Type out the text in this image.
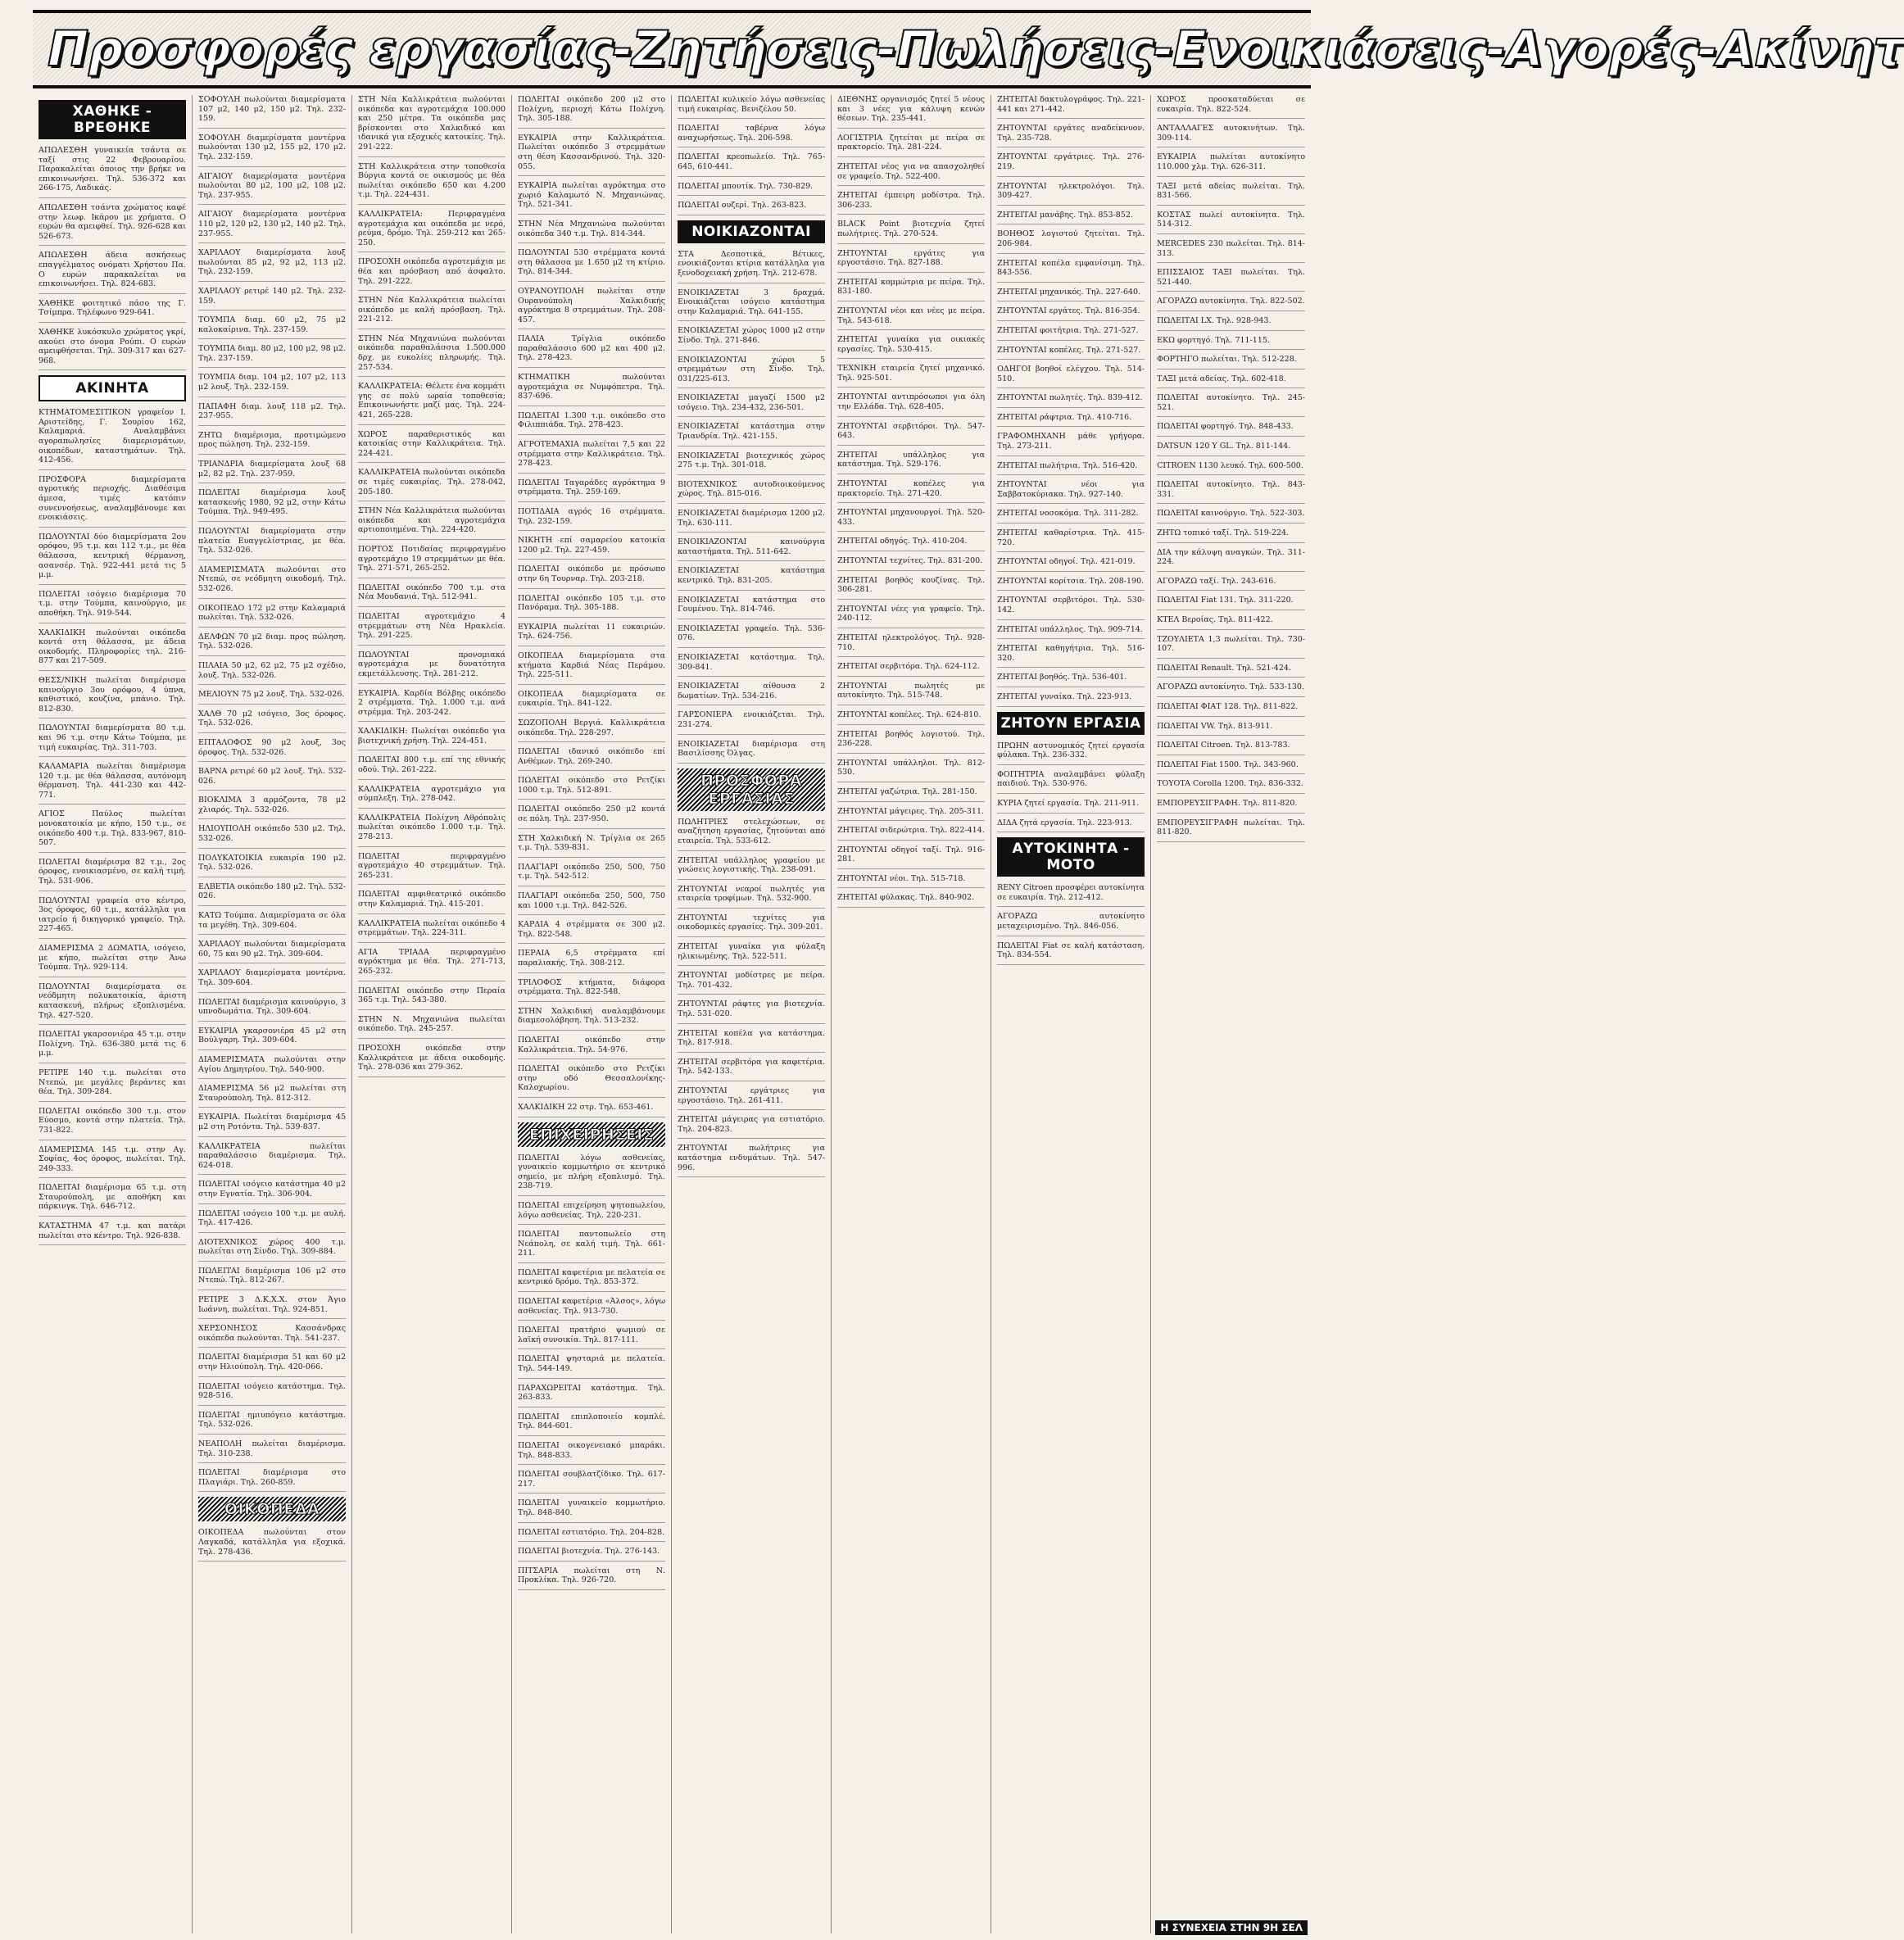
Προσφορές εργασίας-Ζητήσεις-Πωλήσεις-Ενοικιάσεις-Αγορές-Ακίνητ
ΧΑΘΗΚΕ - ΒΡΕΘΗΚΕ
ΑΠΩΛΕΣΘΗ γυναικεία τσάντα σε ταξί στις 22 Φεβρουαρίου. Παρακαλείται όποιος την βρήκε να επικοινωνήσει. Τηλ. 536-372 και 266-175, Λαδικάς.
ΑΠΩΛΕΣΘΗ τσάντα χρώματος καφέ στην λεωφ. Ικάρου με χρήματα. Ο ευρών θα αμειφθεί. Τηλ. 926-628 και 526-673.
ΑΠΩΛΕΣΘΗ άδεια ασκήσεως επαγγέλματος ονόματι Χρήστου Πα. Ο ευρών παρακαλείται να επικοινωνήσει. Τηλ. 824-683.
ΧΑΘΗΚΕ φοιτητικό πάσο της Γ. Τσίμπρα. Τηλέφωνο 929-641.
ΧΑΘΗΚΕ λυκόσκυλο χρώματος γκρί, ακούει στο όνομα Ρούπι. Ο ευρών αμειφθήσεται. Τηλ. 309-317 και 627-968.
ΑΚΙΝΗΤΑ
ΚΤΗΜΑΤΟΜΕΣΙΤΙΚΟΝ γραφείον Ι. Αριστείδης, Γ. Σουρίου 162, Καλαμαριά. Αναλαμβάνει αγοραπωλησίες διαμερισμάτων, οικοπέδων, καταστημάτων. Τηλ. 412-456.
ΠΡΟΣΦΟΡΑ διαμερίσματα αγροτικής περιοχής. Διαθέσιμα άμεσα, τιμές κατόπιν συνεννοήσεως, αναλαμβάνουμε και ενοικιάσεις.
ΠΩΛΟΥΝΤΑΙ δύο διαμερίσματα 2ου ορόφου, 95 τ.μ. και 112 τ.μ., με θέα θάλασσα, κεντρική θέρμανση, ασανσέρ. Τηλ. 922-441 μετά τις 5 μ.μ.
ΠΩΛΕΙΤΑΙ ισόγειο διαμέρισμα 70 τ.μ. στην Τούμπα, καινούργιο, με αποθήκη. Τηλ. 919-544.
ΧΑΛΚΙΔΙΚΗ πωλούνται οικόπεδα κοντά στη θάλασσα, με άδεια οικοδομής. Πληροφορίες τηλ. 216-877 και 217-509.
ΘΕΣΣ/ΝΙΚΗ πωλείται διαμέρισμα καινούργιο 3ου ορόφου, 4 ύπνα, καθιστικό, κουζίνα, μπάνιο. Τηλ. 812-830.
ΠΩΛΟΥΝΤΑΙ διαμερίσματα 80 τ.μ. και 96 τ.μ. στην Κάτω Τούμπα, με τιμή ευκαιρίας. Τηλ. 311-703.
ΚΑΛΑΜΑΡΙΑ πωλείται διαμέρισμα 120 τ.μ. με θέα θάλασσα, αυτόνομη θέρμανση. Τηλ. 441-230 και 442-771.
ΑΓΙΟΣ Παύλος πωλείται μονοκατοικία με κήπο, 150 τ.μ., σε οικόπεδο 400 τ.μ. Τηλ. 833-967, 810-507.
ΠΩΛΕΙΤΑΙ διαμέρισμα 82 τ.μ., 2ος όροφος, ενοικιασμένο, σε καλή τιμή. Τηλ. 531-906.
ΠΩΛΟΥΝΤΑΙ γραφεία στο κέντρο, 3ος όροφος, 60 τ.μ., κατάλληλα για ιατρείο ή δικηγορικό γραφείο. Τηλ. 227-465.
ΔΙΑΜΕΡΙΣΜΑ 2 ΔΩΜΑΤΙΑ, ισόγειο, με κήπο, πωλείται στην Άνω Τούμπα. Τηλ. 929-114.
ΠΩΛΟΥΝΤΑΙ διαμερίσματα σε νεόδμητη πολυκατοικία, άριστη κατασκευή, πλήρως εξοπλισμένα. Τηλ. 427-520.
ΠΩΛΕΙΤΑΙ γκαρσονιέρα 45 τ.μ. στην Πολίχνη. Τηλ. 636-380 μετά τις 6 μ.μ.
ΡΕΤΙΡΕ 140 τ.μ. πωλείται στο Ντεπώ, με μεγάλες βεράντες και θέα. Τηλ. 309-284.
ΠΩΛΕΙΤΑΙ οικόπεδο 300 τ.μ. στον Εύοσμο, κοντά στην πλατεία. Τηλ. 731-822.
ΔΙΑΜΕΡΙΣΜΑ 145 τ.μ. στην Αγ. Σοφίας, 4ος όροφος, πωλείται. Τηλ. 249-333.
ΠΩΛΕΙΤΑΙ διαμέρισμα 65 τ.μ. στη Σταυρούπολη, με αποθήκη και πάρκινγκ. Τηλ. 646-712.
ΚΑΤΑΣΤΗΜΑ 47 τ.μ. και πατάρι πωλείται στο κέντρο. Τηλ. 926-838.
ΣΟΦΟΥΛΗ πωλούνται διαμερίσματα 107 μ2, 140 μ2, 150 μ2. Τηλ. 232-159.
ΣΟΦΟΥΛΗ διαμερίσματα μοντέρνα πωλούνται 130 μ2, 155 μ2, 170 μ2. Τηλ. 232-159.
ΑΙΓΑΙΟΥ διαμερίσματα μοντέρνα πωλούνται 80 μ2, 100 μ2, 108 μ2. Τηλ. 237-955.
ΑΙΓΑΙΟΥ διαμερίσματα μοντέρνα 110 μ2, 120 μ2, 130 μ2, 140 μ2. Τηλ. 237-955.
ΧΑΡΙΛΑΟΥ διαμερίσματα λουξ πωλούνται 85 μ2, 92 μ2, 113 μ2. Τηλ. 232-159.
ΧΑΡΙΛΑΟΥ ρετιρέ 140 μ2. Τηλ. 232-159.
ΤΟΥΜΠΑ διαμ. 60 μ2, 75 μ2 καλοκαίρινα. Τηλ. 237-159.
ΤΟΥΜΠΑ διαμ. 80 μ2, 100 μ2, 98 μ2. Τηλ. 237-159.
ΤΟΥΜΠΑ διαμ. 104 μ2, 107 μ2, 113 μ2 λουξ. Τηλ. 232-159.
ΠΑΠΑΦΗ διαμ. λουξ 118 μ2. Τηλ. 237-955.
ΖΗΤΩ διαμέρισμα, προτιμώμενο προς πώληση. Τηλ. 232-159.
ΤΡΙΑΝΔΡΙΑ διαμερίσματα λουξ 68 μ2, 82 μ2. Τηλ. 237-959.
ΠΩΛΕΙΤΑΙ διαμέρισμα λουξ κατασκευής 1980, 92 μ2, στην Κάτω Τούμπα. Τηλ. 949-495.
ΠΩΛΟΥΝΤΑΙ διαμερίσματα στην πλατεία Ευαγγελίστριας, με θέα. Τηλ. 532-026.
ΔΙΑΜΕΡΙΣΜΑΤΑ πωλούνται στο Ντεπώ, σε νεόδμητη οικοδομή. Τηλ. 532-026.
ΟΙΚΟΠΕΔΟ 172 μ2 στην Καλαμαριά πωλείται. Τηλ. 532-026.
ΔΕΛΦΩΝ 70 μ2 διαμ. προς πώληση. Τηλ. 532-026.
ΠΙΛΑΙΑ 50 μ2, 62 μ2, 75 μ2 σχέδιο, λουξ. Τηλ. 532-026.
ΜΕΛΙΟΥΝ 75 μ2 λουξ. Τηλ. 532-026.
ΧΑΛΘ 70 μ2 ισόγειο, 3ος όροφος. Τηλ. 532-026.
ΕΠΤΑΛΟΦΟΣ 90 μ2 λουξ, 3ος όροφος. Τηλ. 532-026.
ΒΑΡΝΑ ρετιρέ 60 μ2 λουξ. Τηλ. 532-026.
ΒΙΟΚΛΙΜΑ 3 αρμόζοντα, 78 μ2 χλιαρός. Τηλ. 532-026.
ΗΛΙΟΥΠΟΛΗ οικόπεδο 530 μ2. Τηλ. 532-026.
ΠΟΛΥΚΑΤΟΙΚΙΑ ευκαιρία 190 μ2. Τηλ. 532-026.
ΕΛΒΕΤΙΑ οικόπεδο 180 μ2. Τηλ. 532-026.
ΚΑΤΩ Τούμπα. Διαμερίσματα σε όλα τα μεγέθη. Τηλ. 309-604.
ΧΑΡΙΛΑΟΥ πωλούνται διαμερίσματα 60, 75 και 90 μ2. Τηλ. 309-604.
ΧΑΡΙΛΑΟΥ διαμερίσματα μοντέρνα. Τηλ. 309-604.
ΠΩΛΕΙΤΑΙ διαμέρισμα καινούργιο, 3 υπνοδωμάτια. Τηλ. 309-604.
ΕΥΚΑΙΡΙΑ γκαρσονιέρα 45 μ2 στη Βούλγαρη. Τηλ. 309-604.
ΔΙΑΜΕΡΙΣΜΑΤΑ πωλούνται στην Αγίου Δημητρίου. Τηλ. 540-900.
ΔΙΑΜΕΡΙΣΜΑ 56 μ2 πωλείται στη Σταυρούπολη. Τηλ. 812-312.
ΕΥΚΑΙΡΙΑ. Πωλείται διαμέρισμα 45 μ2 στη Ροτόντα. Τηλ. 539-837.
ΚΑΛΛΙΚΡΑΤΕΙΑ πωλείται παραθαλάσσιο διαμέρισμα. Τηλ. 624-018.
ΠΩΛΕΙΤΑΙ ισόγειο κατάστημα 40 μ2 στην Εγνατία. Τηλ. 306-904.
ΠΩΛΕΙΤΑΙ ισόγειο 100 τ.μ. με αυλή. Τηλ. 417-426.
ΔΙΟΤΕΧΝΙΚΟΣ χώρος 400 τ.μ. πωλείται στη Σίνδο. Τηλ. 309-884.
ΠΩΛΕΙΤΑΙ διαμέρισμα 106 μ2 στο Ντεπώ. Τηλ. 812-267.
ΡΕΤΙΡΕ 3 Δ.Κ.Χ.Χ. στον Άγιο Ιωάννη, πωλείται. Τηλ. 924-851.
ΧΕΡΣΟΝΗΣΟΣ Κασσάνδρας οικόπεδα πωλούνται. Τηλ. 541-237.
ΠΩΛΕΙΤΑΙ διαμέρισμα 51 και 60 μ2 στην Ηλιούπολη. Τηλ. 420-066.
ΠΩΛΕΙΤΑΙ ισόγειο κατάστημα. Τηλ. 928-516.
ΠΩΛΕΙΤΑΙ ημιυπόγειο κατάστημα. Τηλ. 532-026.
ΝΕΑΠΟΛΗ πωλείται διαμέρισμα. Τηλ. 310-238.
ΠΩΛΕΙΤΑΙ διαμέρισμα στο Πλαγιάρι. Τηλ. 260-859.
ΟΙΚΟΠΕΔΑ
ΟΙΚΟΠΕΔΑ πωλούνται στον Λαγκαδά, κατάλληλα για εξοχικά. Τηλ. 278-436.
ΣΤΗ Νέα Καλλικράτεια πωλούνται οικόπεδα και αγροτεμάχια 100.000 και 250 μέτρα. Τα οικόπεδα μας βρίσκονται στο Χαλκιδικό και ιδανικά για εξοχικές κατοικίες. Τηλ. 291-222.
ΣΤΗ Καλλικράτεια στην τοποθεσία Βύργια κοντά σε οικισμούς με θέα πωλείται οικόπεδο 650 και 4.200 τ.μ. Τηλ. 224-431.
ΚΑΛΛΙΚΡΑΤΕΙΑ: Περιφραγμένα αγροτεμάχια και οικόπεδα με νερό, ρεύμα, δρόμο. Τηλ. 259-212 και 265-250.
ΠΡΟΣΟΧΗ οικόπεδα αγροτεμάχια με θέα και πρόσβαση από άσφαλτο. Τηλ. 291-222.
ΣΤΗΝ Νέα Καλλικράτεια πωλείται οικόπεδο με καλή πρόσβαση. Τηλ. 221-212.
ΣΤΗΝ Νέα Μηχανιώνα πωλούνται οικόπεδα παραθαλάσσια 1.500.000 δρχ. με ευκολίες πληρωμής. Τηλ. 257-534.
ΚΑΛΛΙΚΡΑΤΕΙΑ: Θέλετε ένα κομμάτι γης σε πολύ ωραία τοποθεσία; Επικοινωνήστε μαζί μας. Τηλ. 224-421, 265-228.
ΧΩΡΟΣ παραθεριστικός και κατοικίας στην Καλλικράτεια. Τηλ. 224-421.
ΚΑΛΛΙΚΡΑΤΕΙΑ πωλούνται οικόπεδα σε τιμές ευκαιρίας. Τηλ. 278-042, 205-180.
ΣΤΗΝ Νέα Καλλικράτεια πωλούνται οικόπεδα και αγροτεμάχια αρτιοποιημένα. Τηλ. 224-420.
ΠΟΡΤΟΣ Ποτιδαίας περιφραγμένο αγροτεμάχιο 19 στρεμμάτων με θέα. Τηλ. 271-571, 265-252.
ΠΩΛΕΙΤΑΙ οικόπεδο 700 τ.μ. στα Νέα Μουδανιά. Τηλ. 512-941.
ΠΩΛΕΙΤΑΙ αγροτεμάχιο 4 στρεμμάτων στη Νέα Ηρακλεία. Τηλ. 291-225.
ΠΩΛΟΥΝΤΑΙ προνομιακά αγροτεμάχια με δυνατότητα εκμετάλλευσης. Τηλ. 281-212.
ΕΥΚΑΙΡΙΑ. Καρδία Βόλβης οικόπεδο 2 στρέμματα. Τηλ. 1.000 τ.μ. ανά στρέμμα. Τηλ. 203-242.
ΧΑΛΚΙΔΙΚΗ: Πωλείται οικόπεδο για βιοτεχνική χρήση. Τηλ. 224-451.
ΠΩΛΕΙΤΑΙ 800 τ.μ. επί της εθνικής οδού. Τηλ. 261-222.
ΚΑΛΛΙΚΡΑΤΕΙΑ αγροτεμάχιο για σύμπλεξη. Τηλ. 278-042.
ΚΑΛΛΙΚΡΑΤΕΙΑ Πολίχνη Αθρόπολις πωλείται οικόπεδο 1.000 τ.μ. Τηλ. 278-213.
ΠΩΛΕΙΤΑΙ περιφραγμένο αγροτεμάχιο 40 στρεμμάτων. Τηλ. 265-231.
ΠΩΛΕΙΤΑΙ αμφιθεατρικό οικόπεδο στην Καλαμαριά. Τηλ. 415-201.
ΚΑΛΛΙΚΡΑΤΕΙΑ πωλείται οικόπεδο 4 στρεμμάτων. Τηλ. 224-311.
ΑΓΙΑ ΤΡΙΑΔΑ περιφραγμένο αγρόκτημα με θέα. Τηλ. 271-713, 265-232.
ΠΩΛΕΙΤΑΙ οικόπεδο στην Περαία 365 τ.μ. Τηλ. 543-380.
ΣΤΗΝ Ν. Μηχανιώνα πωλείται οικόπεδο. Τηλ. 245-257.
ΠΡΟΣΟΧΗ οικόπεδα στην Καλλικράτεια με άδεια οικοδομής. Τηλ. 278-036 και 279-362.
ΠΩΛΕΙΤΑΙ οικόπεδο 200 μ2 στο Πολίχνη, περιοχή Κάτω Πολίχνη. Τηλ. 305-188.
ΕΥΚΑΙΡΙΑ στην Καλλικράτεια. Πωλείται οικόπεδο 3 στρεμμάτων στη θέση Κασσανδρινού. Τηλ. 320-055.
ΕΥΚΑΙΡΙΑ πωλείται αγρόκτημα στο χωριό Καλαμωτό Ν. Μηχανιώνας. Τηλ. 521-341.
ΣΤΗΝ Νέα Μηχανιώνα πωλούνται οικόπεδα 340 τ.μ. Τηλ. 814-344.
ΠΩΛΟΥΝΤΑΙ 530 στρέμματα κοντά στη θάλασσα με 1.650 μ2 τη κτίριο. Τηλ. 814-344.
ΟΥΡΑΝΟΥΠΟΛΗ πωλείται στην Ουρανούπολη Χαλκιδικής αγρόκτημα 8 στρεμμάτων. Τηλ. 208-457.
ΠΑΛΙΑ Τρίγλια οικόπεδο παραθαλάσσιο 600 μ2 και 400 μ2. Τηλ. 278-423.
ΚΤΗΜΑΤΙΚΗ πωλούνται αγροτεμάχια σε Νυμφόπετρα. Τηλ. 837-696.
ΠΩΛΕΙΤΑΙ 1.300 τ.μ. οικόπεδο στο Φιλιππιάδα. Τηλ. 278-423.
ΑΓΡΟΤΕΜΑΧΙΑ πωλείται 7,5 και 22 στρέμματα στην Καλλικράτεια. Τηλ. 278-423.
ΠΩΛΕΙΤΑΙ Ταγαράδες αγρόκτημα 9 στρέμματα. Τηλ. 259-169.
ΠΟΤΙΔΑΙΑ αγρός 16 στρέμματα. Τηλ. 232-159.
ΝΙΚΗΤΗ επί σαμαρείου κατοικία 1200 μ2. Τηλ. 227-459.
ΠΩΛΕΙΤΑΙ οικόπεδο με πρόσωπο στην 6η Τουρναρ. Τηλ. 203-218.
ΠΩΛΕΙΤΑΙ οικόπεδο 105 τ.μ. στο Πανόραμα. Τηλ. 305-188.
ΕΥΚΑΙΡΙΑ πωλείται 11 ευκαιριών. Τηλ. 624-756.
ΟΙΚΟΠΕΔΑ διαμερίσματα στα κτήματα Καρδιά Νέας Περάμου. Τηλ. 225-511.
ΟΙΚΟΠΕΔΑ διαμερίσματα σε ευκαιρία. Τηλ. 841-122.
ΣΩΖΟΠΟΛΗ Βεργιά. Καλλικράτεια οικόπεδα. Τηλ. 228-297.
ΠΩΛΕΙΤΑΙ ιδανικό οικόπεδο επί Ανθέμων. Τηλ. 269-240.
ΠΩΛΕΙΤΑΙ οικόπεδο στο Ρετζίκι 1000 τ.μ. Τηλ. 512-891.
ΠΩΛΕΙΤΑΙ οικόπεδο 250 μ2 κοντά σε πόλη. Τηλ. 237-950.
ΣΤΗ Χαλκιδική Ν. Τρίγλια σε 265 τ.μ. Τηλ. 539-831.
ΠΛΑΓΙΑΡΙ οικόπεδο 250, 500, 750 τ.μ. Τηλ. 542-512.
ΠΛΑΓΙΑΡΙ οικόπεδα 250, 500, 750 και 1000 τ.μ. Τηλ. 842-526.
ΚΑΡΔΙΑ 4 στρέμματα σε 300 μ2. Τηλ. 822-548.
ΠΕΡΑΙΑ 6,5 στρέμματα επί παραλιακής. Τηλ. 308-212.
ΤΡΙΛΟΦΟΣ κτήματα, διάφορα στρέμματα. Τηλ. 822-548.
ΣΤΗΝ Χαλκιδική αναλαμβάνουμε διαμεσολάβηση. Τηλ. 513-232.
ΠΩΛΕΙΤΑΙ οικόπεδο στην Καλλικράτεια. Τηλ. 54-976.
ΠΩΛΕΙΤΑΙ οικόπεδο στο Ρετζίκι στην οδό Θεσσαλονίκης-Καλοχωρίου.
ΧΑΛΚΙΔΙΚΗ 22 στρ. Τηλ. 653-461.
ΕΠΙΧΕΙΡΗΣΕΙΣ
ΠΩΛΕΙΤΑΙ λόγω ασθενείας, γυναικείο κομμωτήριο σε κεντρικό σημείο, με πλήρη εξοπλισμό. Τηλ. 238-719.
ΠΩΛΕΙΤΑΙ επιχείρηση ψητοπωλείου, λόγω ασθενείας. Τηλ. 220-231.
ΠΩΛΕΙΤΑΙ παντοπωλείο στη Νεάπολη, σε καλή τιμή. Τηλ. 661-211.
ΠΩΛΕΙΤΑΙ καφετέρια με πελατεία σε κεντρικό δρόμο. Τηλ. 853-372.
ΠΩΛΕΙΤΑΙ καφετέρια «Άλσος», λόγω ασθενείας. Τηλ. 913-730.
ΠΩΛΕΙΤΑΙ πρατήριο ψωμιού σε λαϊκή συνοικία. Τηλ. 817-111.
ΠΩΛΕΙΤΑΙ ψησταριά με πελατεία. Τηλ. 544-149.
ΠΑΡΑΧΩΡΕΙΤΑΙ κατάστημα. Τηλ. 263-833.
ΠΩΛΕΙΤΑΙ επιπλοποιείο κομπλέ. Τηλ. 844-601.
ΠΩΛΕΙΤΑΙ οικογενειακό μπαράκι. Τηλ. 848-833.
ΠΩΛΕΙΤΑΙ σουβλατζίδικο. Τηλ. 617-217.
ΠΩΛΕΙΤΑΙ γυναικείο κομμωτήριο. Τηλ. 848-840.
ΠΩΛΕΙΤΑΙ εστιατόριο. Τηλ. 204-828.
ΠΩΛΕΙΤΑΙ βιοτεχνία. Τηλ. 276-143.
ΠΙΤΣΑΡΙΑ πωλείται στη Ν. Προκλίκα. Τηλ. 926-720.
ΠΩΛΕΙΤΑΙ κυλικείο λόγω ασθενείας τιμή ευκαιρίας. Βενιζέλου 50.
ΠΩΛΕΙΤΑΙ ταβέρνα λόγω αναχωρήσεως. Τηλ. 206-598.
ΠΩΛΕΙΤΑΙ κρεοπωλείο. Τηλ. 765-645, 610-441.
ΠΩΛΕΙΤΑΙ μπουτίκ. Τηλ. 730-829.
ΠΩΛΕΙΤΑΙ ουζερί. Τηλ. 263-823.
ΝΟΙΚΙΑΖΟΝΤΑΙ
ΣΤΑ Δεσποτικά, Βέτικες, ενοικιάζονται κτίρια κατάλληλα για ξενοδοχειακή χρήση. Τηλ. 212-678.
ΕΝΟΙΚΙΑΖΕΤΑΙ 3 δραχμά. Ενοικιάζεται ισόγειο κατάστημα στην Καλαμαριά. Τηλ. 641-155.
ΕΝΟΙΚΙΑΖΕΤΑΙ χώρος 1000 μ2 στην Σίνδο. Τηλ. 271-846.
ΕΝΟΙΚΙΑΖΟΝΤΑΙ χώροι 5 στρεμμάτων στη Σίνδο. Τηλ. 031/225-613.
ΕΝΟΙΚΙΑΖΕΤΑΙ μαγαζί 1500 μ2 ισόγειο. Τηλ. 234-432, 236-501.
ΕΝΟΙΚΙΑΖΕΤΑΙ κατάστημα στην Τριανδρία. Τηλ. 421-155.
ΕΝΟΙΚΙΑΖΕΤΑΙ βιοτεχνικός χώρος 275 τ.μ. Τηλ. 301-018.
ΒΙΟΤΕΧΝΙΚΟΣ αυτοδιοικούμενος χώρος. Τηλ. 815-016.
ΕΝΟΙΚΙΑΖΕΤΑΙ διαμέρισμα 1200 μ2. Τηλ. 630-111.
ΕΝΟΙΚΙΑΖΟΝΤΑΙ καινούργια καταστήματα. Τηλ. 511-642.
ΕΝΟΙΚΙΑΖΕΤΑΙ κατάστημα κεντρικό. Τηλ. 831-205.
ΕΝΟΙΚΙΑΖΕΤΑΙ κατάστημα στο Γουμένου. Τηλ. 814-746.
ΕΝΟΙΚΙΑΖΕΤΑΙ γραφείο. Τηλ. 536-076.
ΕΝΟΙΚΙΑΖΕΤΑΙ κατάστημα. Τηλ. 309-841.
ΕΝΟΙΚΙΑΖΕΤΑΙ αίθουσα 2 δωματίων. Τηλ. 534-216.
ΓΑΡΣΟΝΙΕΡΑ ενοικιάζεται. Τηλ. 231-274.
ΕΝΟΙΚΙΑΖΕΤΑΙ διαμέρισμα στη Βασιλίσσης Όλγας.
ΠΡΟΣΦΟΡΑ ΕΡΓΑΣΙΑΣ
ΠΩΛΗΤΡΙΕΣ στελεχώσεων, σε αναζήτηση εργασίας, ζητούνται από εταιρεία. Τηλ. 533-612.
ΖΗΤΕΙΤΑΙ υπάλληλος γραφείου με γνώσεις λογιστικής. Τηλ. 238-091.
ΖΗΤΟΥΝΤΑΙ νεαροί πωλητές για εταιρεία τροφίμων. Τηλ. 532-900.
ΖΗΤΟΥΝΤΑΙ τεχνίτες για οικοδομικές εργασίες. Τηλ. 309-201.
ΖΗΤΕΙΤΑΙ γυναίκα για φύλαξη ηλικιωμένης. Τηλ. 522-511.
ΖΗΤΟΥΝΤΑΙ μοδίστρες με πείρα. Τηλ. 701-432.
ΖΗΤΟΥΝΤΑΙ ράφτες για βιοτεχνία. Τηλ. 531-020.
ΖΗΤΕΙΤΑΙ κοπέλα για κατάστημα. Τηλ. 817-918.
ΖΗΤΕΙΤΑΙ σερβιτόρα για καφετέρια. Τηλ. 542-133.
ΖΗΤΟΥΝΤΑΙ εργάτριες για εργοστάσιο. Τηλ. 261-411.
ΖΗΤΕΙΤΑΙ μάγειρας για εστιατόριο. Τηλ. 204-823.
ΖΗΤΟΥΝΤΑΙ πωλήτριες για κατάστημα ενδυμάτων. Τηλ. 547-996.
ΔΙΕΘΝΗΣ οργανισμός ζητεί 5 νέους και 3 νέες για κάλυψη κενών θέσεων. Τηλ. 235-441.
ΛΟΓΙΣΤΡΙΑ ζητείται με πείρα σε πρακτορείο. Τηλ. 281-224.
ΖΗΤΕΙΤΑΙ νέος για να απασχοληθεί σε γραφείο. Τηλ. 522-400.
ΖΗΤΕΙΤΑΙ έμπειρη μοδίστρα. Τηλ. 306-233.
BLACK Point βιοτεχνία ζητεί πωλήτριες. Τηλ. 270-524.
ΖΗΤΟΥΝΤΑΙ εργάτες για εργοστάσιο. Τηλ. 827-188.
ΖΗΤΕΙΤΑΙ κομμώτρια με πείρα. Τηλ. 831-180.
ΖΗΤΟΥΝΤΑΙ νέοι και νέες με πείρα. Τηλ. 543-618.
ΖΗΤΕΙΤΑΙ γυναίκα για οικιακές εργασίες. Τηλ. 530-415.
ΤΕΧΝΙΚΗ εταιρεία ζητεί μηχανικό. Τηλ. 925-501.
ΖΗΤΟΥΝΤΑΙ αντιπρόσωποι για όλη την Ελλάδα. Τηλ. 628-405.
ΖΗΤΟΥΝΤΑΙ σερβιτόροι. Τηλ. 547-643.
ΖΗΤΕΙΤΑΙ υπάλληλος για κατάστημα. Τηλ. 529-176.
ΖΗΤΟΥΝΤΑΙ κοπέλες για πρακτορείο. Τηλ. 271-420.
ΖΗΤΟΥΝΤΑΙ μηχανουργοί. Τηλ. 520-433.
ΖΗΤΕΙΤΑΙ οδηγός. Τηλ. 410-204.
ΖΗΤΟΥΝΤΑΙ τεχνίτες. Τηλ. 831-200.
ΖΗΤΕΙΤΑΙ βοηθός κουζίνας. Τηλ. 306-281.
ΖΗΤΟΥΝΤΑΙ νέες για γραφείο. Τηλ. 240-112.
ΖΗΤΕΙΤΑΙ ηλεκτρολόγος. Τηλ. 928-710.
ΖΗΤΕΙΤΑΙ σερβιτόρα. Τηλ. 624-112.
ΖΗΤΟΥΝΤΑΙ πωλητές με αυτοκίνητο. Τηλ. 515-748.
ΖΗΤΟΥΝΤΑΙ κοπέλες. Τηλ. 624-810.
ΖΗΤΕΙΤΑΙ βοηθός λογιστού. Τηλ. 236-228.
ΖΗΤΟΥΝΤΑΙ υπάλληλοι. Τηλ. 812-530.
ΖΗΤΕΙΤΑΙ γαζώτρια. Τηλ. 281-150.
ΖΗΤΟΥΝΤΑΙ μάγειρες. Τηλ. 205-311.
ΖΗΤΕΙΤΑΙ σιδερώτρια. Τηλ. 822-414.
ΖΗΤΟΥΝΤΑΙ οδηγοί ταξί. Τηλ. 916-281.
ΖΗΤΟΥΝΤΑΙ νέοι. Τηλ. 515-718.
ΖΗΤΕΙΤΑΙ φύλακας. Τηλ. 840-902.
ΖΗΤΕΙΤΑΙ δακτυλογράφος. Τηλ. 221-441 και 271-442.
ΖΗΤΟΥΝΤΑΙ εργάτες αναδείκνυον. Τηλ. 235-728.
ΖΗΤΟΥΝΤΑΙ εργάτριες. Τηλ. 276-219.
ΖΗΤΟΥΝΤΑΙ ηλεκτρολόγοι. Τηλ. 309-427.
ΖΗΤΕΙΤΑΙ μανάβης. Τηλ. 853-852.
ΒΟΗΘΟΣ λογιστού ζητείται. Τηλ. 206-984.
ΖΗΤΕΙΤΑΙ κοπέλα εμφανίσιμη. Τηλ. 843-556.
ΖΗΤΕΙΤΑΙ μηχανικός. Τηλ. 227-640.
ΖΗΤΟΥΝΤΑΙ εργάτες. Τηλ. 816-354.
ΖΗΤΕΙΤΑΙ φοιτήτρια. Τηλ. 271-527.
ΖΗΤΟΥΝΤΑΙ κοπέλες. Τηλ. 271-527.
ΟΔΗΓΟΙ βοηθοί ελέγχου. Τηλ. 514-510.
ΖΗΤΟΥΝΤΑΙ πωλητές. Τηλ. 839-412.
ΖΗΤΕΙΤΑΙ ράφτρια. Τηλ. 410-716.
ΓΡΑΦΟΜΗΧΑΝΗ μάθε γρήγορα. Τηλ. 273-211.
ΖΗΤΕΙΤΑΙ πωλήτρια. Τηλ. 516-420.
ΖΗΤΟΥΝΤΑΙ νέοι για Σαββατοκύριακα. Τηλ. 927-140.
ΖΗΤΕΙΤΑΙ νοσοκόμα. Τηλ. 311-282.
ΖΗΤΕΙΤΑΙ καθαρίστρια. Τηλ. 415-720.
ΖΗΤΟΥΝΤΑΙ οδηγοί. Τηλ. 421-019.
ΖΗΤΟΥΝΤΑΙ κορίτσια. Τηλ. 208-190.
ΖΗΤΟΥΝΤΑΙ σερβιτόροι. Τηλ. 530-142.
ΖΗΤΕΙΤΑΙ υπάλληλος. Τηλ. 909-714.
ΖΗΤΕΙΤΑΙ καθηγήτρια. Τηλ. 516-320.
ΖΗΤΕΙΤΑΙ βοηθός. Τηλ. 536-401.
ΖΗΤΕΙΤΑΙ γυναίκα. Τηλ. 223-913.
ΖΗΤΟΥΝ ΕΡΓΑΣΙΑ
ΠΡΩΗΝ αστυνομικός ζητεί εργασία φύλακα. Τηλ. 236-332.
ΦΟΙΤΗΤΡΙΑ αναλαμβάνει φύλαξη παιδιού. Τηλ. 530-976.
ΚΥΡΙΑ ζητεί εργασία. Τηλ. 211-911.
ΔΙΔΑ ζητά εργασία. Τηλ. 223-913.
ΑΥΤΟΚΙΝΗΤΑ - ΜΟΤΟ
RENY Citroen προσφέρει αυτοκίνητα σε ευκαιρία. Τηλ. 212-412.
ΑΓΟΡΑΖΩ αυτοκίνητο μεταχειρισμένο. Τηλ. 846-056.
ΠΩΛΕΙΤΑΙ Fiat σε καλή κατάσταση. Τηλ. 834-554.
ΧΩΡΟΣ προσκαταδύεται σε ευκαιρία. Τηλ. 822-524.
ΑΝΤΑΛΛΑΓΕΣ αυτοκινήτων. Τηλ. 309-114.
ΕΥΚΑΙΡΙΑ πωλείται αυτοκίνητο 110.000 χλμ. Τηλ. 626-311.
ΤΑΞΙ μετά αδείας πωλείται. Τηλ. 831-566.
ΚΟΣΤΑΣ πωλεί αυτοκίνητα. Τηλ. 514-312.
MERCEDES 230 πωλείται. Τηλ. 814-313.
ΕΠΙΣΣΑΙΟΣ ΤΑΞΙ πωλείται. Τηλ. 521-440.
ΑΓΟΡΑΖΩ αυτοκίνητα. Τηλ. 822-502.
ΠΩΛΕΙΤΑΙ LX. Τηλ. 928-943.
ΕΚΩ φορτηγό. Τηλ. 711-115.
ΦΟΡΤΗΓΟ πωλείται. Τηλ. 512-228.
ΤΑΞΙ μετά αδείας. Τηλ. 602-418.
ΠΩΛΕΙΤΑΙ αυτοκίνητο. Τηλ. 245-521.
ΠΩΛΕΙΤΑΙ φορτηγό. Τηλ. 848-433.
DATSUN 120 Y GL. Τηλ. 811-144.
CITROEN 1130 λευκό. Τηλ. 600-500.
ΠΩΛΕΙΤΑΙ αυτοκίνητο. Τηλ. 843-331.
ΠΩΛΕΙΤΑΙ καινούργιο. Τηλ. 522-303.
ΖΗΤΩ τοπικό ταξί. Τηλ. 519-224.
ΔΙΑ την κάλυψη αναγκών. Τηλ. 311-224.
ΑΓΟΡΑΖΩ ταξί. Τηλ. 243-616.
ΠΩΛΕΙΤΑΙ Fiat 131. Τηλ. 311-220.
ΚΤΕΛ Βεροίας. Τηλ. 811-422.
ΤΖΟΥΛΙΕΤΑ 1,3 πωλείται. Τηλ. 730-107.
ΠΩΛΕΙΤΑΙ Renault. Τηλ. 521-424.
ΑΓΟΡΑΖΩ αυτοκίνητο. Τηλ. 533-130.
ΠΩΛΕΙΤΑΙ ΦΙΑΤ 128. Τηλ. 811-822.
ΠΩΛΕΙΤΑΙ VW. Τηλ. 813-911.
ΠΩΛΕΙΤΑΙ Citroen. Τηλ. 813-783.
ΠΩΛΕΙΤΑΙ Fiat 1500. Τηλ. 343-960.
TOYOTA Corolla 1200. Τηλ. 836-332.
ΕΜΠΟΡΕΥΣΙΓΡΑΦΗ. Τηλ. 811-820.
ΕΜΠΟΡΕΥΣΙΓΡΑΦΗ πωλείται. Τηλ. 811-820.
Η ΣΥΝΕΧΕΙΑ ΣΤΗΝ 9Η ΣΕΛ
